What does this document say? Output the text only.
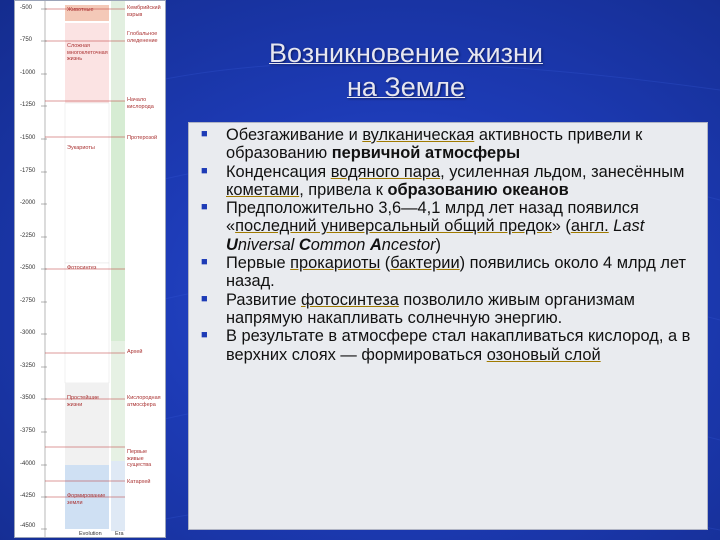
-500
-750
-1000
-1250
-1500
-1750
-2000
-2250
-2500
-2750
-3000
-3250
-3500
-3750
-4000
-4250
-4500
Животные
Сложная многоклеточная жизнь
Эукариоты
Фотосинтез
Простейшие жизни
Формирование земли
Кембрийский взрыв
Глобальное оледенение
Начало кислорода
Протерозой
Архей
Кислородная атмосфера
Первые живые существа
Катархей
Evolution Era
Возникновение жизни
на Земле
■ Обезгаживание и вулканическая активность привели к образованию первичной атмосферы
■ Конденсация водяного пара, усиленная льдом, занесённым кометами, привела к образованию океанов
■ Предположительно 3,6—4,1 млрд лет назад появился «последний универсальный общий предок» (англ. Last Universal Common Ancestor)
■ Первые прокариоты (бактерии) появились около 4 млрд лет назад.
■ Развитие фотосинтеза позволило живым организмам напрямую накапливать солнечную энергию.
■ В результате в атмосфере стал накапливаться кислород, а в верхних слоях — формироваться озоновый слой
